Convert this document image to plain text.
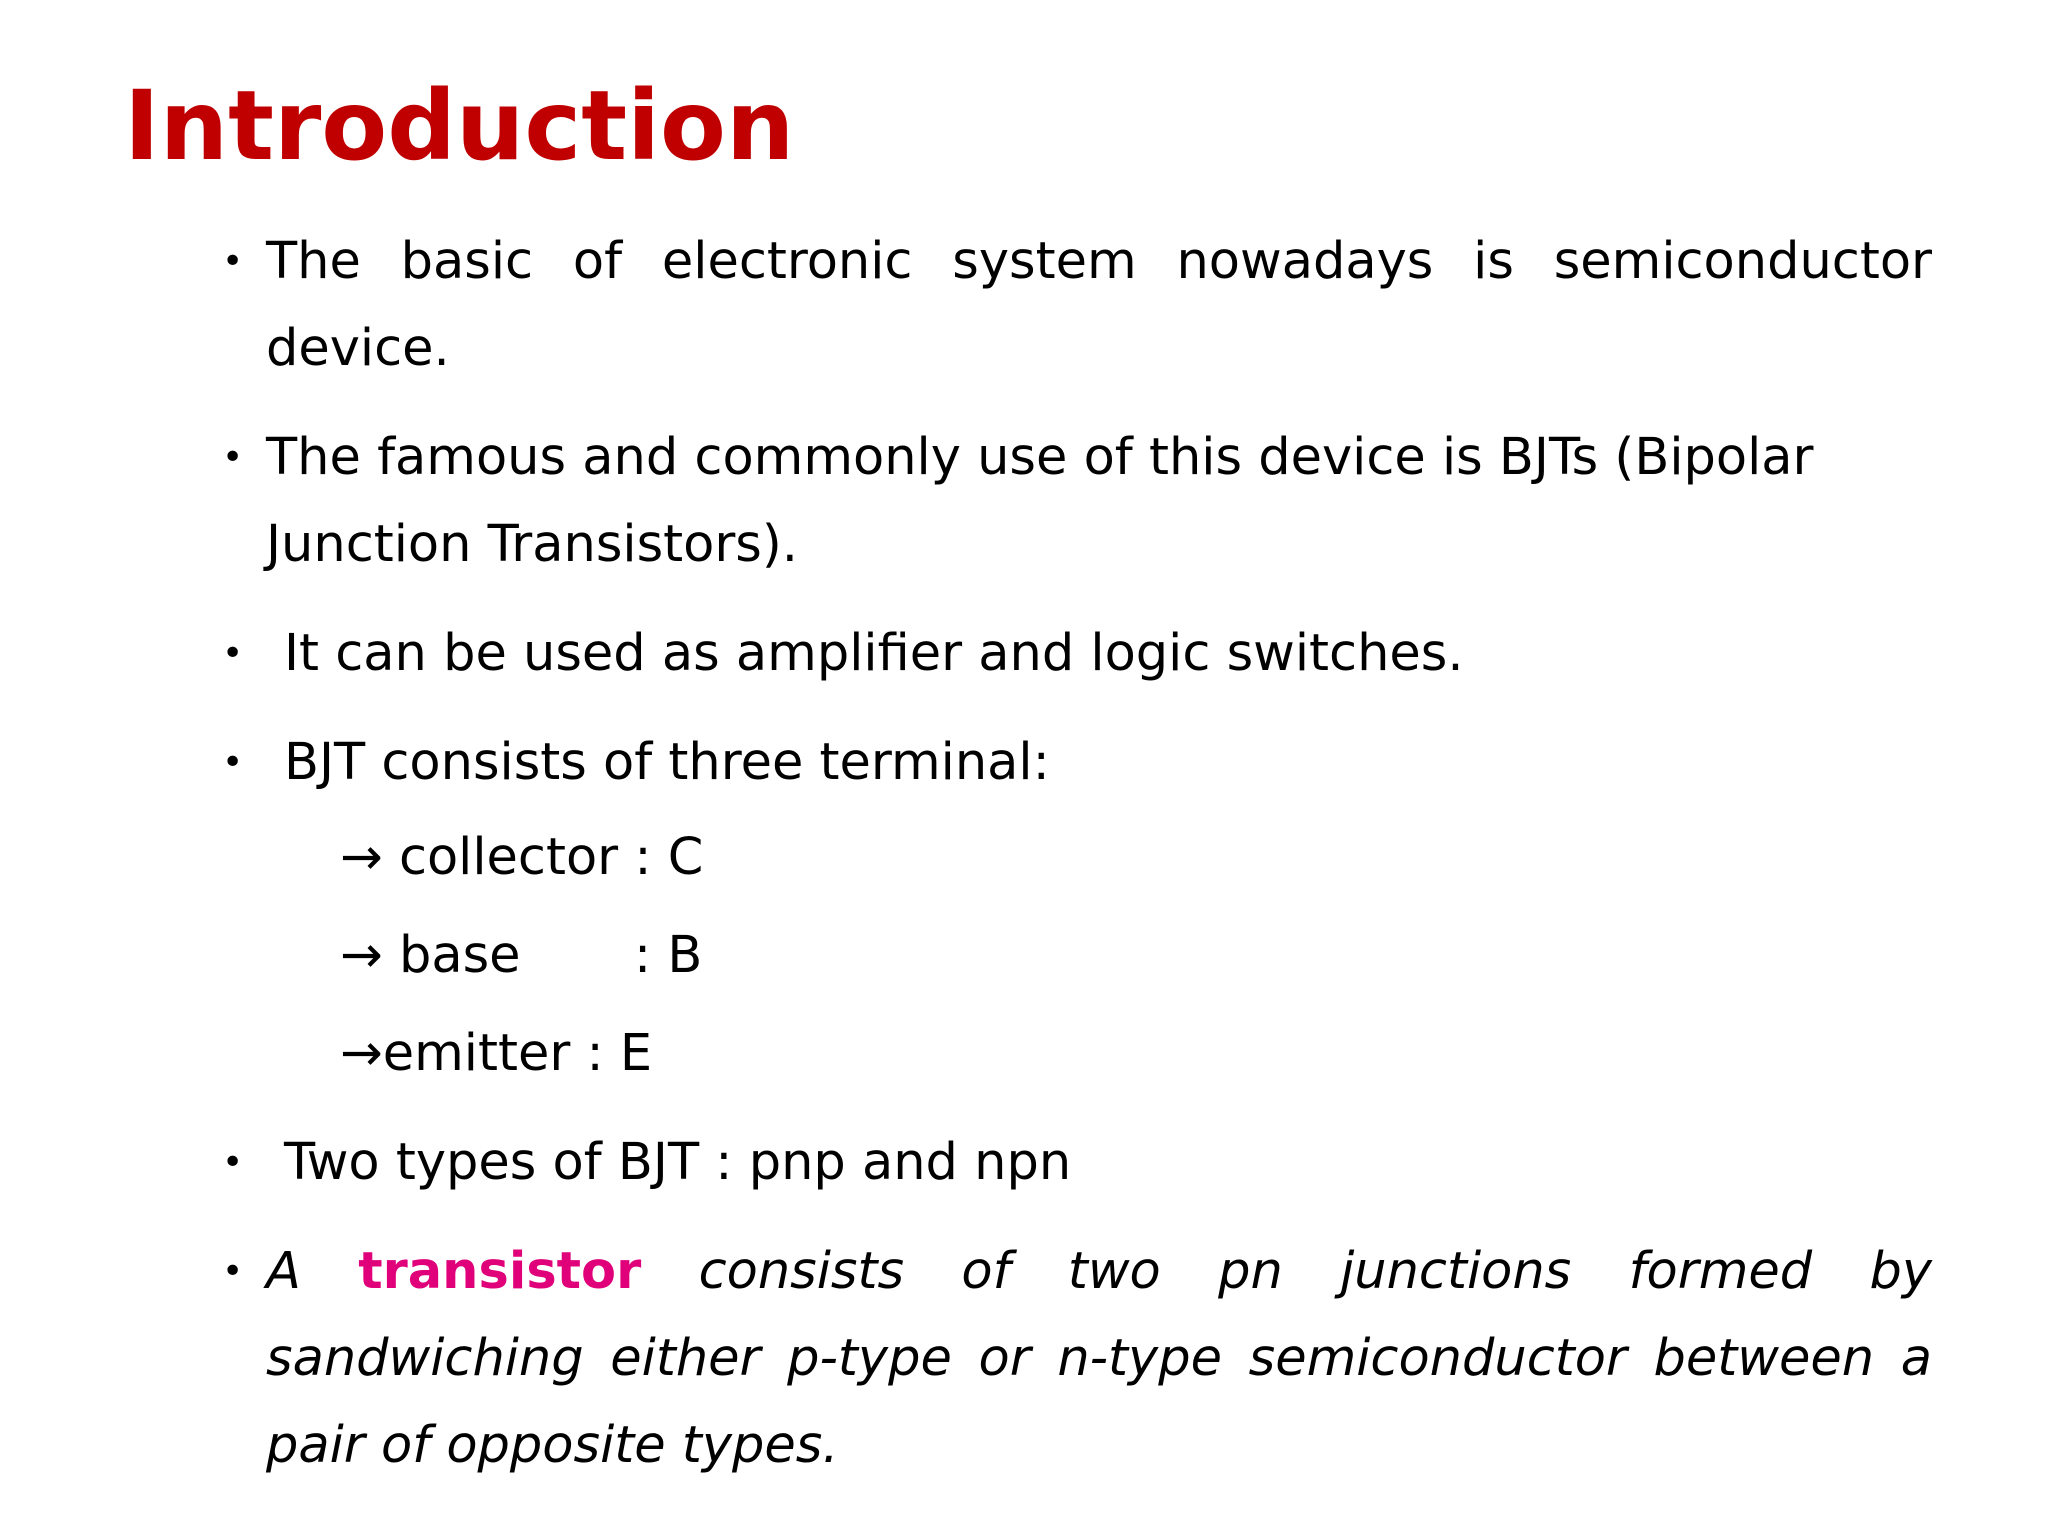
Introduction
• The basic of electronic system nowadays is semiconductor device.
• The famous and commonly use of this device is BJTs (Bipolar Junction Transistors).
• It can be used as amplifier and logic switches.
• BJT consists of three terminal:
→ collector : C
→ base       : B
→emitter : E
• Two types of BJT : pnp and npn
• A transistor consists of two pn junctions formed by sandwiching either p-type or n-type semiconductor between a pair of opposite types.
